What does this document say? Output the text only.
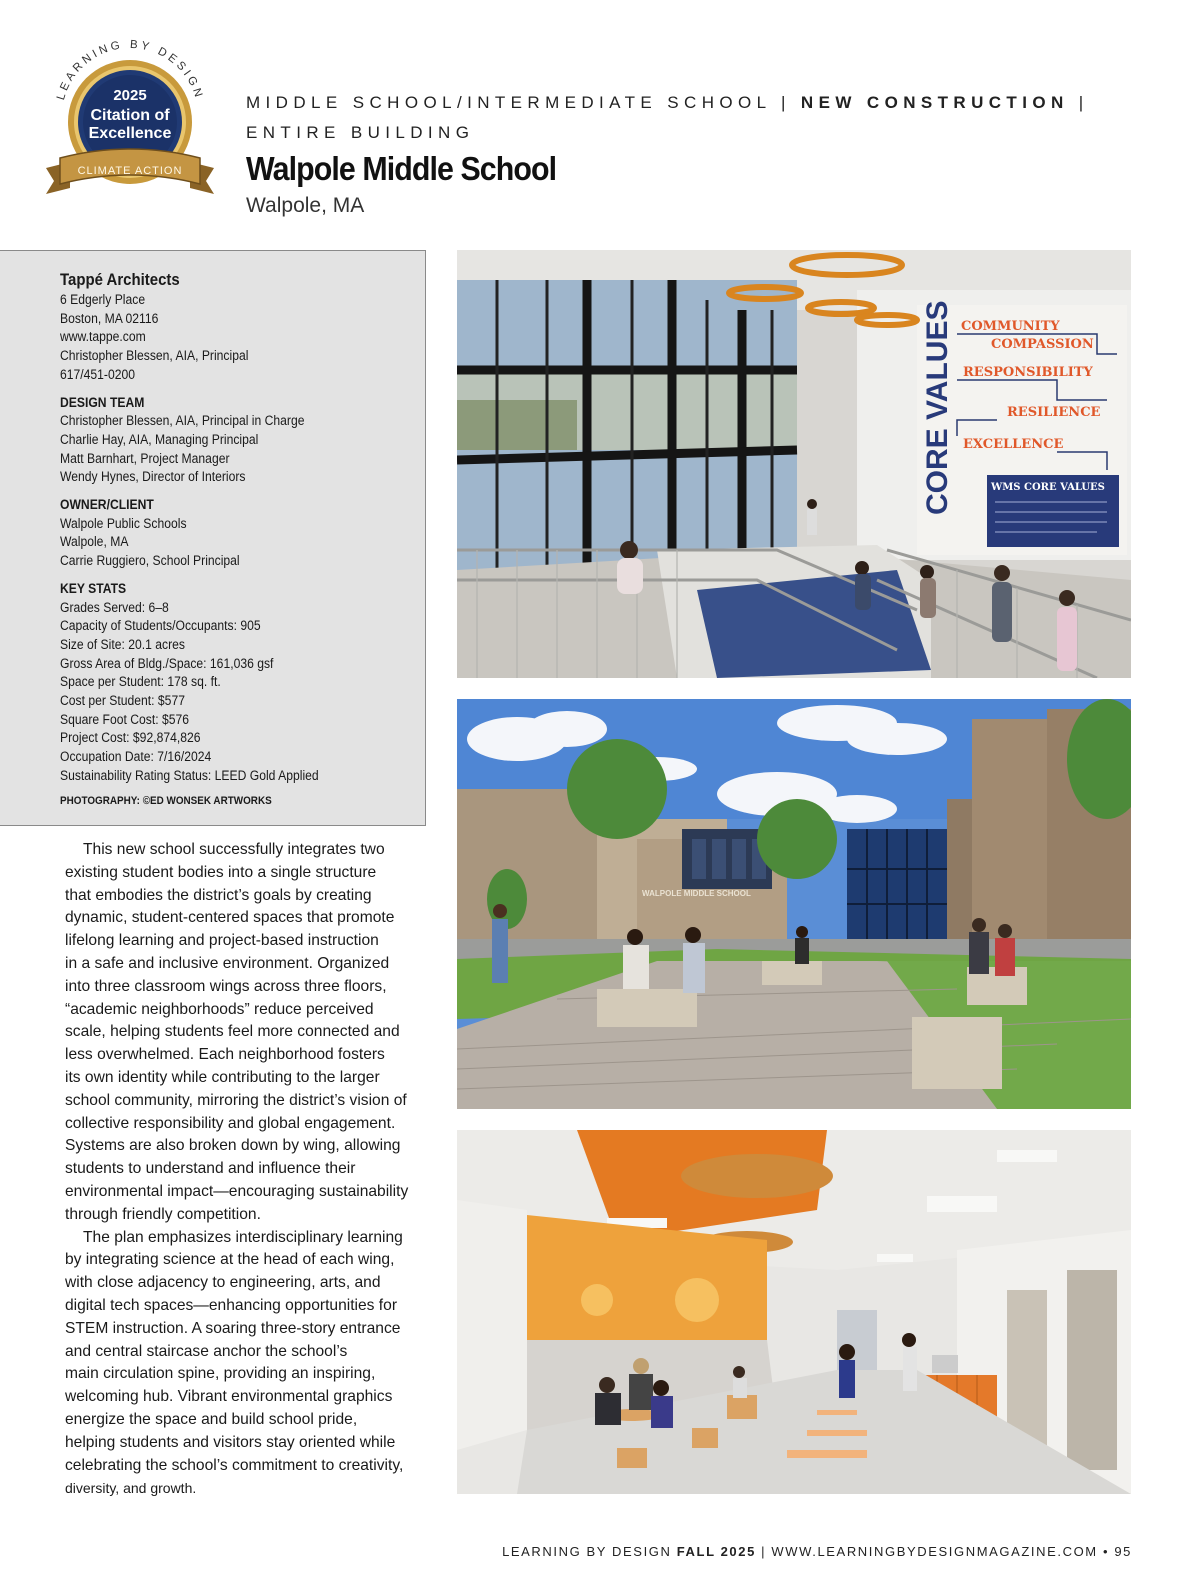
LEARNING BY DESIGN
2025
Citation of
Excellence
CLIMATE ACTION
MIDDLE SCHOOL/INTERMEDIATE SCHOOL | NEW CONSTRUCTION |
ENTIRE BUILDING
Walpole Middle School
Walpole, MA
Tappé Architects
6 Edgerly Place
Boston, MA 02116
www.tappe.com
Christopher Blessen, AIA, Principal
617/451-0200
DESIGN TEAM
Christopher Blessen, AIA, Principal in Charge
Charlie Hay, AIA, Managing Principal
Matt Barnhart, Project Manager
Wendy Hynes, Director of Interiors
OWNER/CLIENT
Walpole Public Schools
Walpole, MA
Carrie Ruggiero, School Principal
KEY STATS
Grades Served: 6–8
Capacity of Students/Occupants: 905
Size of Site: 20.1 acres
Gross Area of Bldg./Space: 161,036 gsf
Space per Student: 178 sq. ft.
Cost per Student: $577
Square Foot Cost: $576
Project Cost: $92,874,826
Occupation Date: 7/16/2024
Sustainability Rating Status: LEED Gold Applied
PHOTOGRAPHY: ©ED WONSEK ARTWORKS

This new school successfully integrates two
existing student bodies into a single structure
that embodies the district’s goals by creating
dynamic, student-centered spaces that promote
lifelong learning and project-based instruction
in a safe and inclusive environment. Organized
into three classroom wings across three floors,
“academic neighborhoods” reduce perceived
scale, helping students feel more connected and
less overwhelmed. Each neighborhood fosters
its own identity while contributing to the larger
school community, mirroring the district’s vision of
collective responsibility and global engagement.
Systems are also broken down by wing, allowing
students to understand and influence their
environmental impact—encouraging sustainability
through friendly competition.

The plan emphasizes interdisciplinary learning
by integrating science at the head of each wing,
with close adjacency to engineering, arts, and
digital tech spaces—enhancing opportunities for
STEM instruction. A soaring three-story entrance
and central staircase anchor the school’s
main circulation spine, providing an inspiring,
welcoming hub. Vibrant environmental graphics
energize the space and build school pride,
helping students and visitors stay oriented while
celebrating the school’s commitment to creativity,
diversity, and growth.

CORE VALUES COMMUNITY
COMPASSION
RESPONSIBILITY
RESILIENCE
EXCELLENCE
WMS CORE VALUES
WALPOLE MIDDLE SCHOOL
LEARNING BY DESIGN FALL 2025 | WWW.LEARNINGBYDESIGNMAGAZINE.COM • 95
